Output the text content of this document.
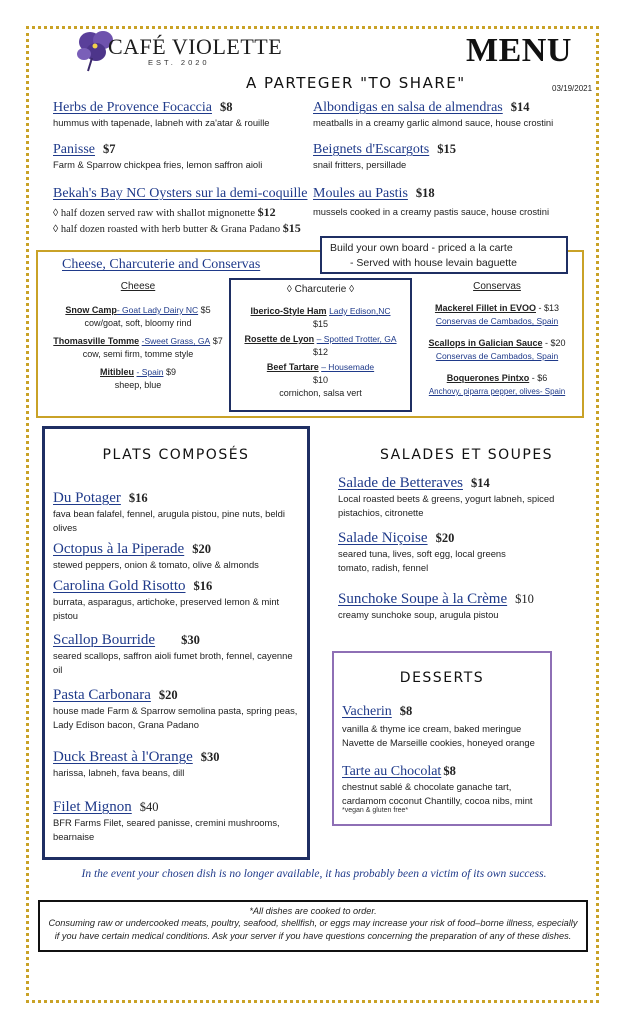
CAFÉ VIOLETTE
EST. 2020	MENU
03/19/2021
A PARTEGER "TO SHARE"
Herbs de Provence Focaccia $8
hummus with tapenade, labneh with za'atar & rouille
Panisse $7
Farm & Sparrow chickpea fries, lemon saffron aioli
Bekah's Bay NC Oysters sur la demi-coquille
◊ half dozen served raw with shallot mignonette $12
◊ half dozen roasted with herb butter & Grana Padano $15
Albondigas en salsa de almendras $14
meatballs in a creamy garlic almond sauce, house crostini
Beignets d'Escargots $15
snail fritters, persillade
Moules au Pastis $18
mussels cooked in a creamy pastis sauce, house crostini
Build your own board - priced a la carte
- Served with house levain baguette
Cheese, Charcuterie and Conservas
Cheese
Snow Camp- Goat Lady Dairy NC $5
cow/goat, soft, bloomy rind
Thomasville Tomme -Sweet Grass, GA $7
cow, semi firm, tomme style
Mitibleu - Spain $9
sheep, blue
◊ Charcuterie ◊
Iberico-Style Ham Lady Edison,NC
$15
Rosette de Lyon – Spotted Trotter, GA
$12
Beef Tartare – Housemade
$10
cornichon, salsa vert
Conservas
Mackerel Fillet in EVOO - $13
Conservas de Cambados, Spain
Scallops in Galician Sauce - $20
Conservas de Cambados, Spain
Boquerones Pintxo - $6
Anchovy, piparra pepper, olives- Spain
PLATS COMPOSÉS
Du Potager $16
fava bean falafel, fennel, arugula pistou, pine nuts, beldi olives
Octopus à la Piperade $20
stewed peppers, onion & tomato, olive & almonds
Carolina Gold Risotto $16
burrata, asparagus, artichoke, preserved lemon & mint pistou
Scallop Bourride $30
seared scallops, saffron aioli fumet broth, fennel, cayenne oil
Pasta Carbonara $20
house made Farm & Sparrow semolina pasta, spring peas, Lady Edison bacon, Grana Padano
Duck Breast à l'Orange $30
harissa, labneh, fava beans, dill
Filet Mignon $40
BFR Farms Filet, seared panisse, cremini mushrooms, bearnaise
SALADES ET SOUPES
Salade de Betteraves $14
Local roasted beets & greens, yogurt labneh, spiced pistachios, citronette
Salade Niçoise $20
seared tuna, lives, soft egg, local greens tomato, radish, fennel
Sunchoke Soupe à la Crème $10
creamy sunchoke soup, arugula pistou
DESSERTS
Vacherin $8
vanilla & thyme ice cream, baked meringue Navette de Marseille cookies, honeyed orange
Tarte au Chocolat $8
chestnut sablé & chocolate ganache tart, cardamom coconut Chantilly, cocoa nibs, mint
*vegan & gluten free*
In the event your chosen dish is no longer available, it has probably been a victim of its own success.
*All dishes are cooked to order.
Consuming raw or undercooked meats, poultry, seafood, shellfish, or eggs may increase your risk of food–borne illness, especially if you have certain medical conditions. Ask your server if you have questions concerning the preparation of any of these dishes.
